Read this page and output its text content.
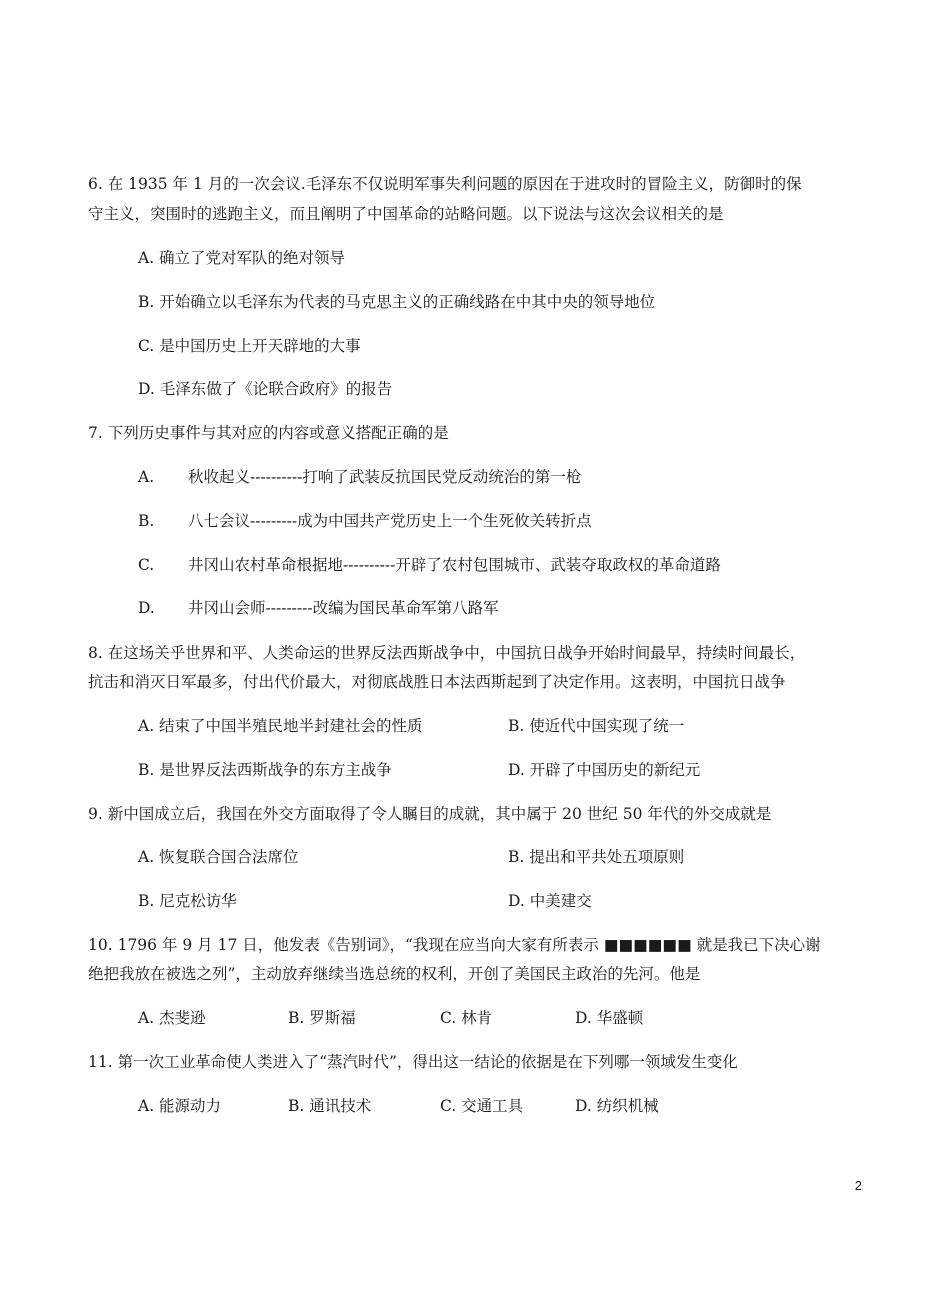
6. 在 1935 年 1 月的一次会议.毛泽东不仅说明军事失利问题的原因在于进攻时的冒险主义，防御时的保
守主义，突围时的逃跑主义，而且阐明了中国革命的站略问题。以下说法与这次会议相关的是
A. 确立了党对军队的绝对领导
B. 开始确立以毛泽东为代表的马克思主义的正确线路在中其中央的领导地位
C. 是中国历史上开天辟地的大事
D. 毛泽东做了《论联合政府》的报告
7. 下列历史事件与其对应的内容或意义搭配正确的是
A. 秋收起义----------打响了武装反抗国民党反动统治的第一枪
B. 八七会议---------成为中国共产党历史上一个生死攸关转折点
C. 井冈山农村革命根据地----------开辟了农村包围城市、武装夺取政权的革命道路
D. 井冈山会师---------改编为国民革命军第八路军
8. 在这场关乎世界和平、人类命运的世界反法西斯战争中，中国抗日战争开始时间最早，持续时间最长，
抗击和消灭日军最多，付出代价最大，对彻底战胜日本法西斯起到了决定作用。这表明，中国抗日战争
A. 结束了中国半殖民地半封建社会的性质	B. 使近代中国实现了统一
B. 是世界反法西斯战争的东方主战争	D. 开辟了中国历史的新纪元
9. 新中国成立后，我国在外交方面取得了令人瞩目的成就，其中属于 20 世纪 50 年代的外交成就是
A. 恢复联合国合法席位	B. 提出和平共处五项原则
B. 尼克松访华	D. 中美建交
10. 1796 年 9 月 17 日，他发表《告别词》，“我现在应当向大家有所表示 ■■■■■■ 就是我已下决心谢
绝把我放在被选之列”，主动放弃继续当选总统的权利，开创了美国民主政治的先河。他是
A. 杰斐逊	B. 罗斯福	C. 林肯	D. 华盛顿
11. 第一次工业革命使人类进入了“蒸汽时代”，得出这一结论的依据是在下列哪一领域发生变化
A. 能源动力	B. 通讯技术	C. 交通工具	D. 纺织机械
2
